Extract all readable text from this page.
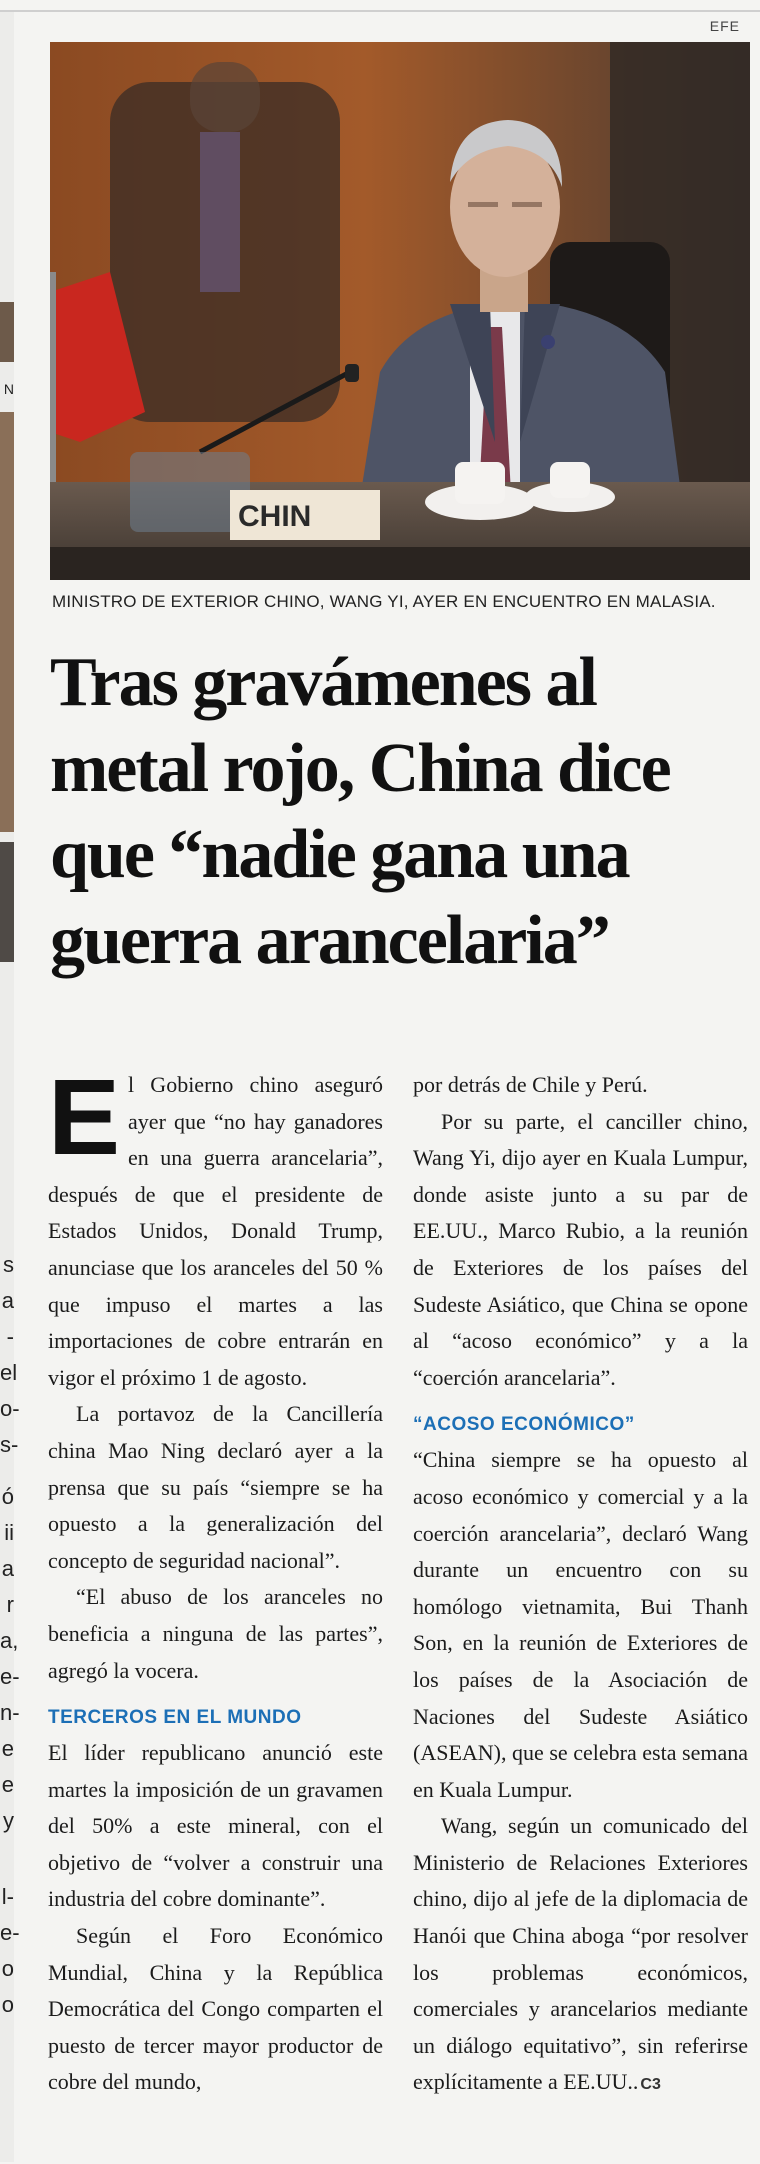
N
s
a
-
el
o-
s-
ó
ii
a
r
a,
e-
n-
e
e
y
l-
e-
o
o
EFE
CHIN
MINISTRO DE EXTERIOR CHINO, WANG YI, AYER EN ENCUENTRO EN MALASIA.
Tras gravámenes al metal rojo, China dice que “nadie gana una guerra arancelaria”

El Gobierno chino aseguró ayer que “no hay ganadores en una guerra arancelaria”, después de que el presidente de Estados Unidos, Donald Trump, anunciase que los aranceles del 50 % que impuso el martes a las importaciones de cobre entrarán en vigor el próximo 1 de agosto.

La portavoz de la Cancillería china Mao Ning declaró ayer a la prensa que su país “siempre se ha opuesto a la generalización del concepto de seguridad nacional”.

“El abuso de los aranceles no beneficia a ninguna de las partes”, agregó la vocera.

TERCEROS EN EL MUNDO

El líder republicano anunció este martes la imposición de un gravamen del 50% a este mineral, con el objetivo de “volver a construir una industria del cobre dominante”.

Según el Foro Económico Mundial, China y la República Democrática del Congo comparten el puesto de tercer mayor productor de cobre del mundo,

por detrás de Chile y Perú.

Por su parte, el canciller chino, Wang Yi, dijo ayer en Kuala Lumpur, donde asiste junto a su par de EE.UU., Marco Rubio, a la reunión de Exteriores de los países del Sudeste Asiático, que China se opone al “acoso económico” y a la “coerción arancelaria”.

“ACOSO ECONÓMICO”

“China siempre se ha opuesto al acoso económico y comercial y a la coerción arancelaria”, declaró Wang durante un encuentro con su homólogo vietnamita, Bui Thanh Son, en la reunión de Exteriores de los países de la Asociación de Naciones del Sudeste Asiático (ASEAN), que se celebra esta semana en Kuala Lumpur.

Wang, según un comunicado del Ministerio de Relaciones Exteriores chino, dijo al jefe de la diplomacia de Hanói que China aboga “por resolver los problemas económicos, comerciales y arancelarios mediante un diálogo equitativo”, sin referirse explícitamente a EE.UU.. C3
